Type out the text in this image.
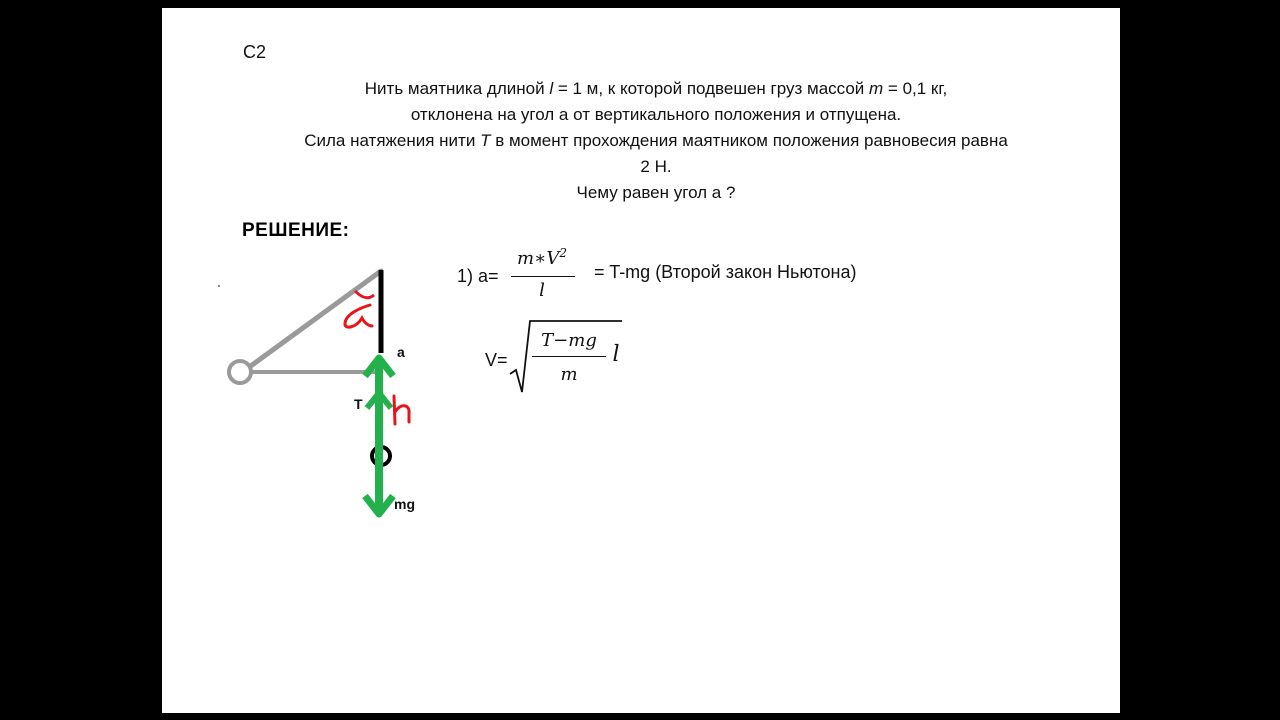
С2
Нить маятника длиной l = 1 м, к которой подвешен груз массой m = 0,1 кг,
отклонена на угол а от вертикального положения и отпущена.
Сила натяжения нити T в момент прохождения маятником положения равновесия равна
2 Н.
Чему равен угол а ?
РЕШЕНИЕ:
1) a=
$m∗V^2$
l
= T-mg (Второй закон Ньютона)
V=
T−mg
m
l
a
T
mg
